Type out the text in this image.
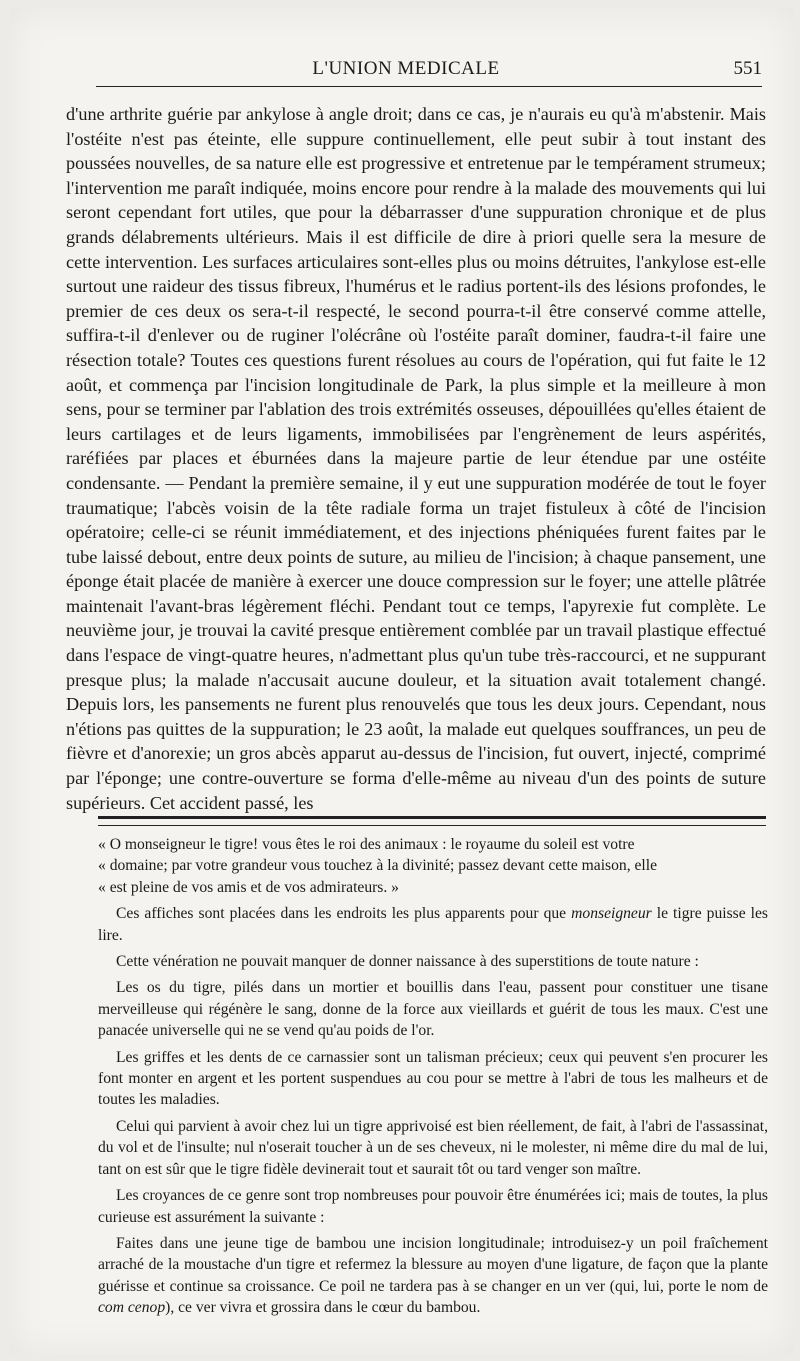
L'UNION MEDICALE	551

d'une arthrite guérie par ankylose à angle droit; dans ce cas, je n'aurais eu qu'à m'abstenir. Mais l'ostéite n'est pas éteinte, elle suppure continuellement, elle peut subir à tout instant des poussées nouvelles, de sa nature elle est progressive et entretenue par le tempérament strumeux; l'intervention me paraît indiquée, moins encore pour rendre à la malade des mouvements qui lui seront cependant fort utiles, que pour la débarrasser d'une suppuration chronique et de plus grands délabrements ultérieurs. Mais il est difficile de dire à priori quelle sera la mesure de cette intervention. Les surfaces articulaires sont-elles plus ou moins détruites, l'ankylose est-elle surtout une raideur des tissus fibreux, l'humérus et le radius portent-ils des lésions profondes, le premier de ces deux os sera-t-il respecté, le second pourra-t-il être conservé comme attelle, suffira-t-il d'enlever ou de ruginer l'olécrâne où l'ostéite paraît dominer, faudra-t-il faire une résection totale? Toutes ces questions furent résolues au cours de l'opération, qui fut faite le 12 août, et commença par l'incision longitudinale de Park, la plus simple et la meilleure à mon sens, pour se terminer par l'ablation des trois extrémités osseuses, dépouillées qu'elles étaient de leurs cartilages et de leurs ligaments, immobilisées par l'engrènement de leurs aspérités, raréfiées par places et éburnées dans la majeure partie de leur étendue par une ostéite condensante. — Pendant la première semaine, il y eut une suppuration modérée de tout le foyer traumatique; l'abcès voisin de la tête radiale forma un trajet fistuleux à côté de l'incision opératoire; celle-ci se réunit immédiatement, et des injections phéniquées furent faites par le tube laissé debout, entre deux points de suture, au milieu de l'incision; à chaque pansement, une éponge était placée de manière à exercer une douce compression sur le foyer; une attelle plâtrée maintenait l'avant-bras légèrement fléchi. Pendant tout ce temps, l'apyrexie fut complète. Le neuvième jour, je trouvai la cavité presque entièrement comblée par un travail plastique effectué dans l'espace de vingt-quatre heures, n'admettant plus qu'un tube très-raccourci, et ne suppurant presque plus; la malade n'accusait aucune douleur, et la situation avait totalement changé. Depuis lors, les pansements ne furent plus renouvelés que tous les deux jours. Cependant, nous n'étions pas quittes de la suppuration; le 23 août, la malade eut quelques souffrances, un peu de fièvre et d'anorexie; un gros abcès apparut au-dessus de l'incision, fut ouvert, injecté, comprimé par l'éponge; une contre-ouverture se forma d'elle-même au niveau d'un des points de suture supérieurs. Cet accident passé, les

« O monseigneur le tigre! vous êtes le roi des animaux : le royaume du soleil est votre

« domaine; par votre grandeur vous touchez à la divinité; passez devant cette maison, elle

« est pleine de vos amis et de vos admirateurs. »

Ces affiches sont placées dans les endroits les plus apparents pour que monseigneur le tigre puisse les lire.

Cette vénération ne pouvait manquer de donner naissance à des superstitions de toute nature :

Les os du tigre, pilés dans un mortier et bouillis dans l'eau, passent pour constituer une tisane merveilleuse qui régénère le sang, donne de la force aux vieillards et guérit de tous les maux. C'est une panacée universelle qui ne se vend qu'au poids de l'or.

Les griffes et les dents de ce carnassier sont un talisman précieux; ceux qui peuvent s'en procurer les font monter en argent et les portent suspendues au cou pour se mettre à l'abri de tous les malheurs et de toutes les maladies.

Celui qui parvient à avoir chez lui un tigre apprivoisé est bien réellement, de fait, à l'abri de l'assassinat, du vol et de l'insulte; nul n'oserait toucher à un de ses cheveux, ni le molester, ni même dire du mal de lui, tant on est sûr que le tigre fidèle devinerait tout et saurait tôt ou tard venger son maître.

Les croyances de ce genre sont trop nombreuses pour pouvoir être énumérées ici; mais de toutes, la plus curieuse est assurément la suivante :

Faites dans une jeune tige de bambou une incision longitudinale; introduisez-y un poil fraîchement arraché de la moustache d'un tigre et refermez la blessure au moyen d'une ligature, de façon que la plante guérisse et continue sa croissance. Ce poil ne tardera pas à se changer en un ver (qui, lui, porte le nom de com cenop), ce ver vivra et grossira dans le cœur du bambou.
